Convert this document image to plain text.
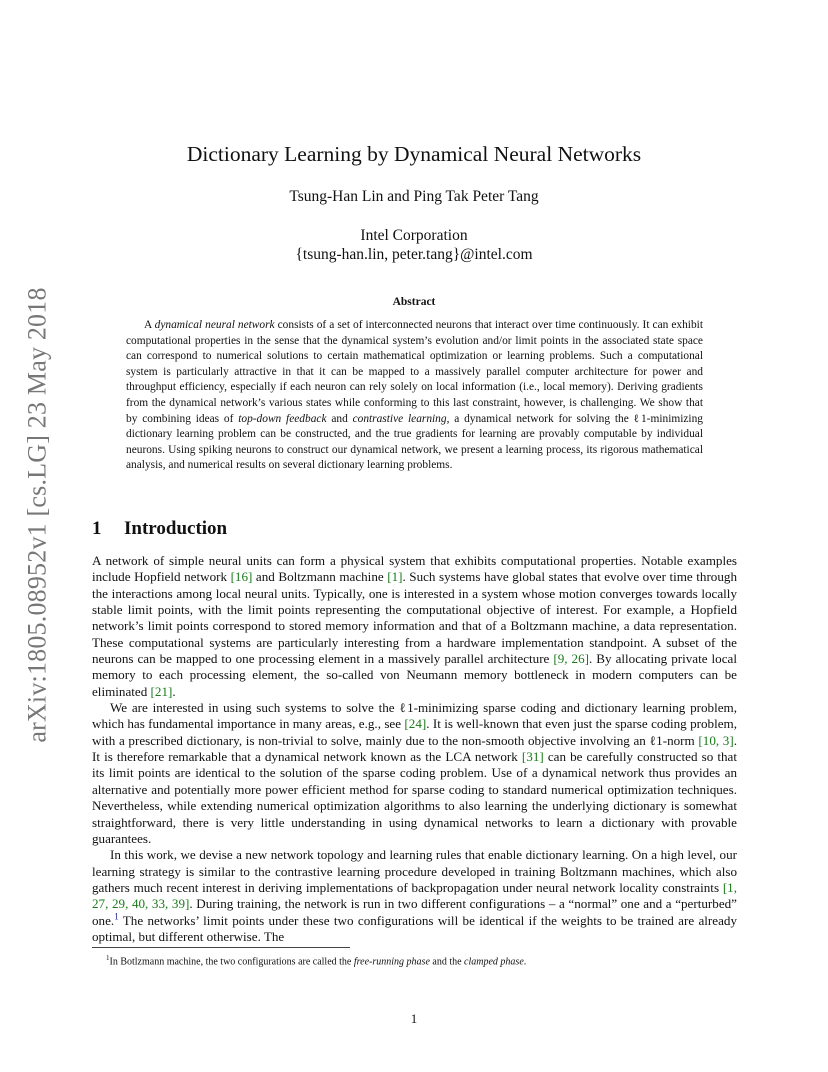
arXiv:1805.08952v1 [cs.LG] 23 May 2018
Dictionary Learning by Dynamical Neural Networks
Tsung-Han Lin and Ping Tak Peter Tang
Intel Corporation
{tsung-han.lin, peter.tang}@intel.com
Abstract

A dynamical neural network consists of a set of interconnected neurons that interact over time continuously. It can exhibit computational properties in the sense that the dynamical system’s evolution and/or limit points in the associated state space can correspond to numerical solutions to certain mathematical optimization or learning problems. Such a computational system is particularly attractive in that it can be mapped to a massively parallel computer architecture for power and throughput efficiency, especially if each neuron can rely solely on local information (i.e., local memory). Deriving gradients from the dynamical network’s various states while conforming to this last constraint, however, is challenging. We show that by combining ideas of top-down feedback and contrastive learning, a dynamical network for solving the ℓ1-minimizing dictionary learning problem can be constructed, and the true gradients for learning are provably computable by individual neurons. Using spiking neurons to construct our dynamical network, we present a learning process, its rigorous mathematical analysis, and numerical results on several dictionary learning problems.

1 Introduction

A network of simple neural units can form a physical system that exhibits computational properties. Notable examples include Hopfield network [16] and Boltzmann machine [1]. Such systems have global states that evolve over time through the interactions among local neural units. Typically, one is interested in a system whose motion converges towards locally stable limit points, with the limit points representing the computational objective of interest. For example, a Hopfield network’s limit points correspond to stored memory information and that of a Boltzmann machine, a data representation. These computational systems are particularly interesting from a hardware implementation standpoint. A subset of the neurons can be mapped to one processing element in a massively parallel architecture [9, 26]. By allocating private local memory to each processing element, the so-called von Neumann memory bottleneck in modern computers can be eliminated [21].

We are interested in using such systems to solve the ℓ1-minimizing sparse coding and dictionary learning problem, which has fundamental importance in many areas, e.g., see [24]. It is well-known that even just the sparse coding problem, with a prescribed dictionary, is non-trivial to solve, mainly due to the non-smooth objective involving an ℓ1-norm [10, 3]. It is therefore remarkable that a dynamical network known as the LCA network [31] can be carefully constructed so that its limit points are identical to the solution of the sparse coding problem. Use of a dynamical network thus provides an alternative and potentially more power efficient method for sparse coding to standard numerical optimization techniques. Nevertheless, while extending numerical optimization algorithms to also learning the underlying dictionary is somewhat straightforward, there is very little understanding in using dynamical networks to learn a dictionary with provable guarantees.

In this work, we devise a new network topology and learning rules that enable dictionary learning. On a high level, our learning strategy is similar to the contrastive learning procedure developed in training Boltzmann machines, which also gathers much recent interest in deriving implementations of backpropagation under neural network locality constraints [1, 27, 29, 40, 33, 39]. During training, the network is run in two different configurations – a “normal” one and a “perturbed” one.$^1$ The networks’ limit points under these two configurations will be identical if the weights to be trained are already optimal, but different otherwise. The

$^1$In Botlzmann machine, the two configurations are called the free-running phase and the clamped phase.
1
